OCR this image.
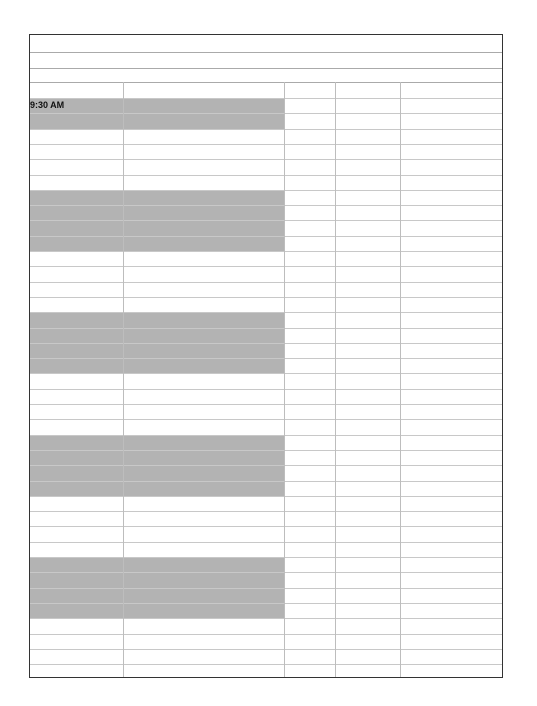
9:30 AM
